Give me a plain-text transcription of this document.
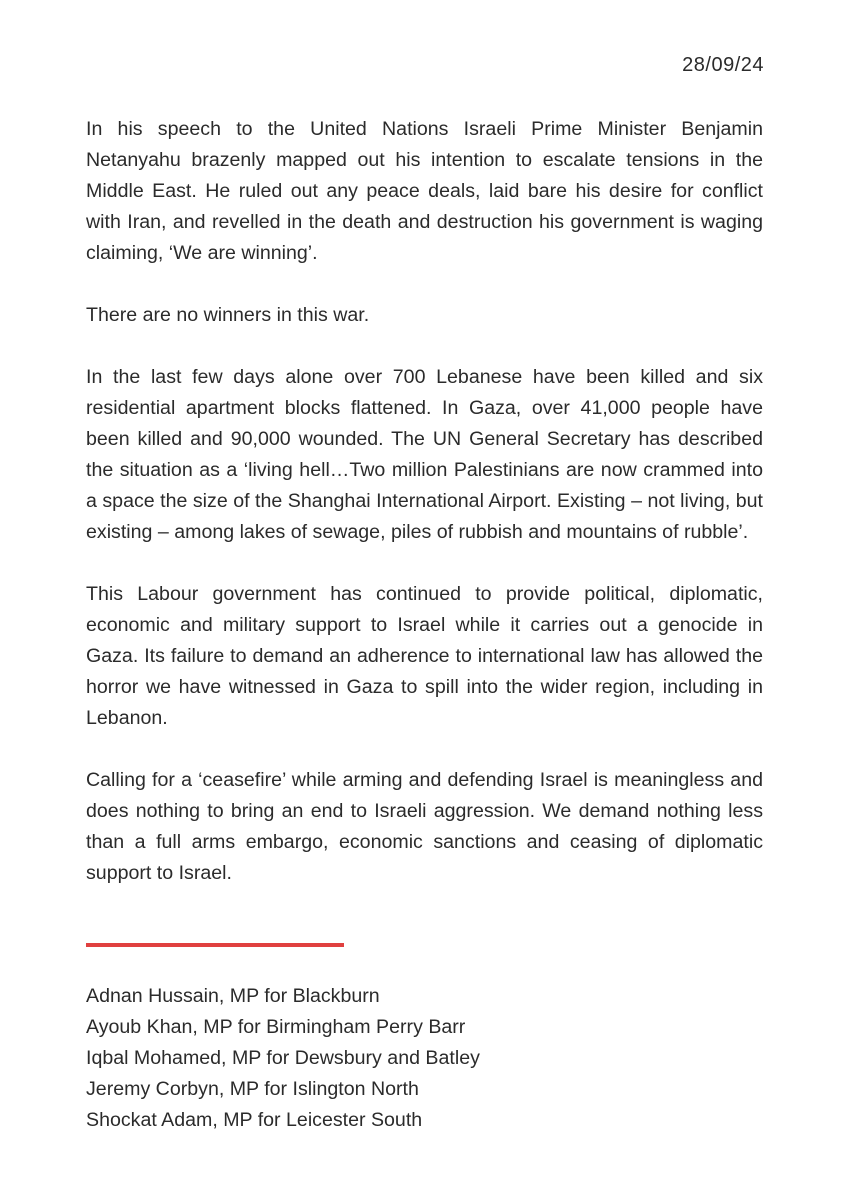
28/09/24

In his speech to the United Nations Israeli Prime Minister Benjamin Netanyahu brazenly mapped out his intention to escalate tensions in the Middle East. He ruled out any peace deals, laid bare his desire for conflict with Iran, and revelled in the death and destruction his government is waging claiming, ‘We are winning’.

There are no winners in this war.

In the last few days alone over 700 Lebanese have been killed and six residential apartment blocks flattened. In Gaza, over 41,000 people have been killed and 90,000 wounded. The UN General Secretary has described the situation as a ‘living hell…Two million Palestinians are now crammed into a space the size of the Shanghai International Airport. Existing – not living, but existing – among lakes of sewage, piles of rubbish and mountains of rubble’.

This Labour government has continued to provide political, diplomatic, economic and military support to Israel while it carries out a genocide in Gaza. Its failure to demand an adherence to international law has allowed the horror we have witnessed in Gaza to spill into the wider region, including in Lebanon.

Calling for a ‘ceasefire’ while arming and defending Israel is meaningless and does nothing to bring an end to Israeli aggression. We demand nothing less than a full arms embargo, economic sanctions and ceasing of diplomatic support to Israel.

Adnan Hussain, MP for Blackburn
Ayoub Khan, MP for Birmingham Perry Barr
Iqbal Mohamed, MP for Dewsbury and Batley
Jeremy Corbyn, MP for Islington North
Shockat Adam, MP for Leicester South
